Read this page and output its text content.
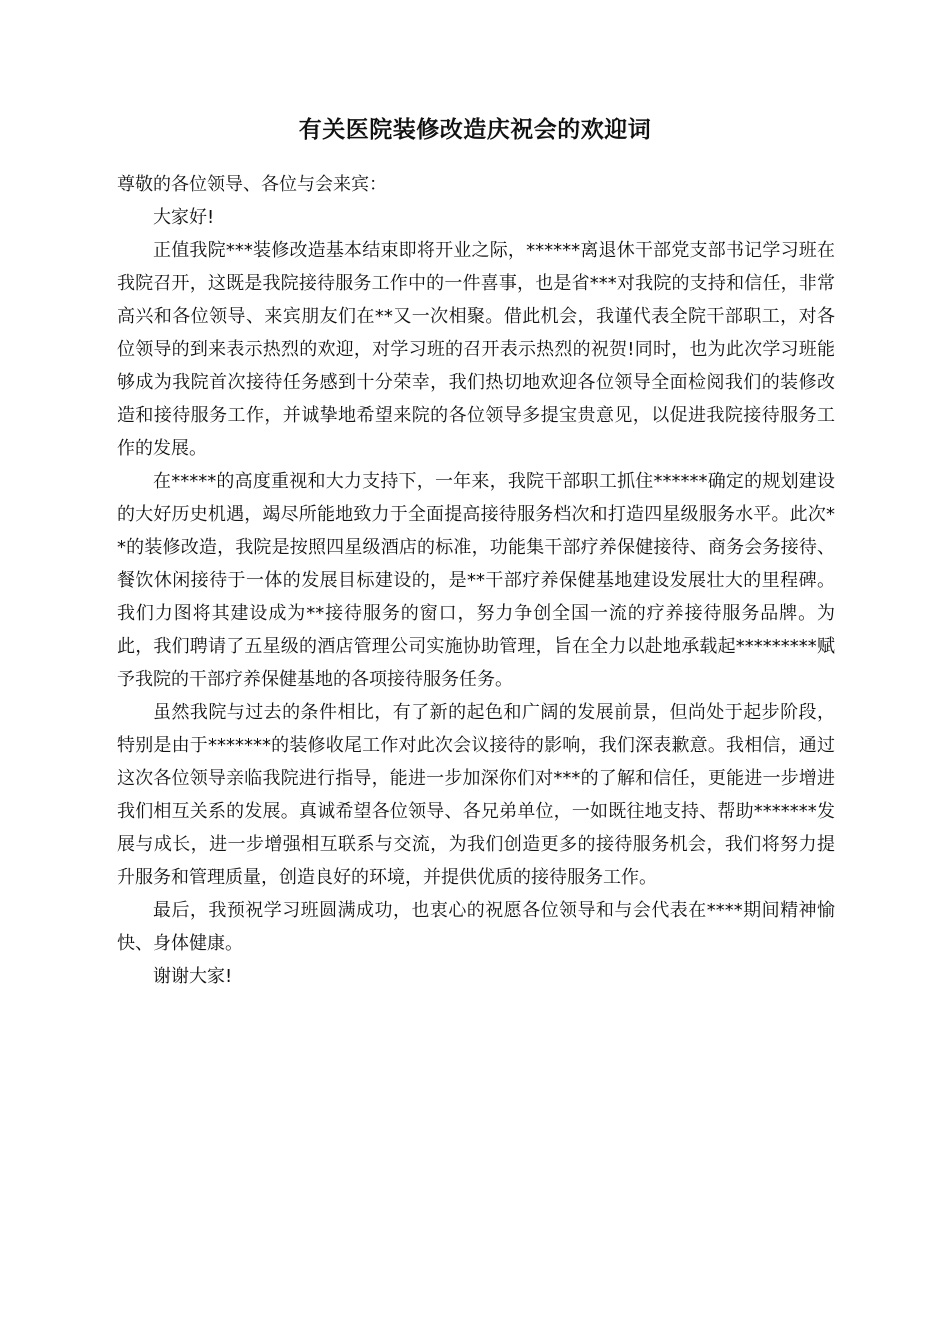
有关医院装修改造庆祝会的欢迎词

尊敬的各位领导、各位与会来宾：

大家好!

正值我院***装修改造基本结束即将开业之际，******离退休干部党支部书记学习班在我院召开，这既是我院接待服务工作中的一件喜事，也是省***对我院的支持和信任，非常高兴和各位领导、来宾朋友们在**又一次相聚。借此机会，我谨代表全院干部职工，对各位领导的到来表示热烈的欢迎，对学习班的召开表示热烈的祝贺!同时，也为此次学习班能够成为我院首次接待任务感到十分荣幸，我们热切地欢迎各位领导全面检阅我们的装修改造和接待服务工作，并诚挚地希望来院的各位领导多提宝贵意见，以促进我院接待服务工作的发展。

在*****的高度重视和大力支持下，一年来，我院干部职工抓住******确定的规划建设的大好历史机遇，竭尽所能地致力于全面提高接待服务档次和打造四星级服务水平。此次**的装修改造，我院是按照四星级酒店的标准，功能集干部疗养保健接待、商务会务接待、餐饮休闲接待于一体的发展目标建设的，是**干部疗养保健基地建设发展壮大的里程碑。我们力图将其建设成为**接待服务的窗口，努力争创全国一流的疗养接待服务品牌。为此，我们聘请了五星级的酒店管理公司实施协助管理，旨在全力以赴地承载起*********赋予我院的干部疗养保健基地的各项接待服务任务。

虽然我院与过去的条件相比，有了新的起色和广阔的发展前景，但尚处于起步阶段，特别是由于*******的装修收尾工作对此次会议接待的影响，我们深表歉意。我相信，通过这次各位领导亲临我院进行指导，能进一步加深你们对***的了解和信任，更能进一步增进我们相互关系的发展。真诚希望各位领导、各兄弟单位，一如既往地支持、帮助*******发展与成长，进一步增强相互联系与交流，为我们创造更多的接待服务机会，我们将努力提升服务和管理质量，创造良好的环境，并提供优质的接待服务工作。

最后，我预祝学习班圆满成功，也衷心的祝愿各位领导和与会代表在****期间精神愉快、身体健康。

谢谢大家!
